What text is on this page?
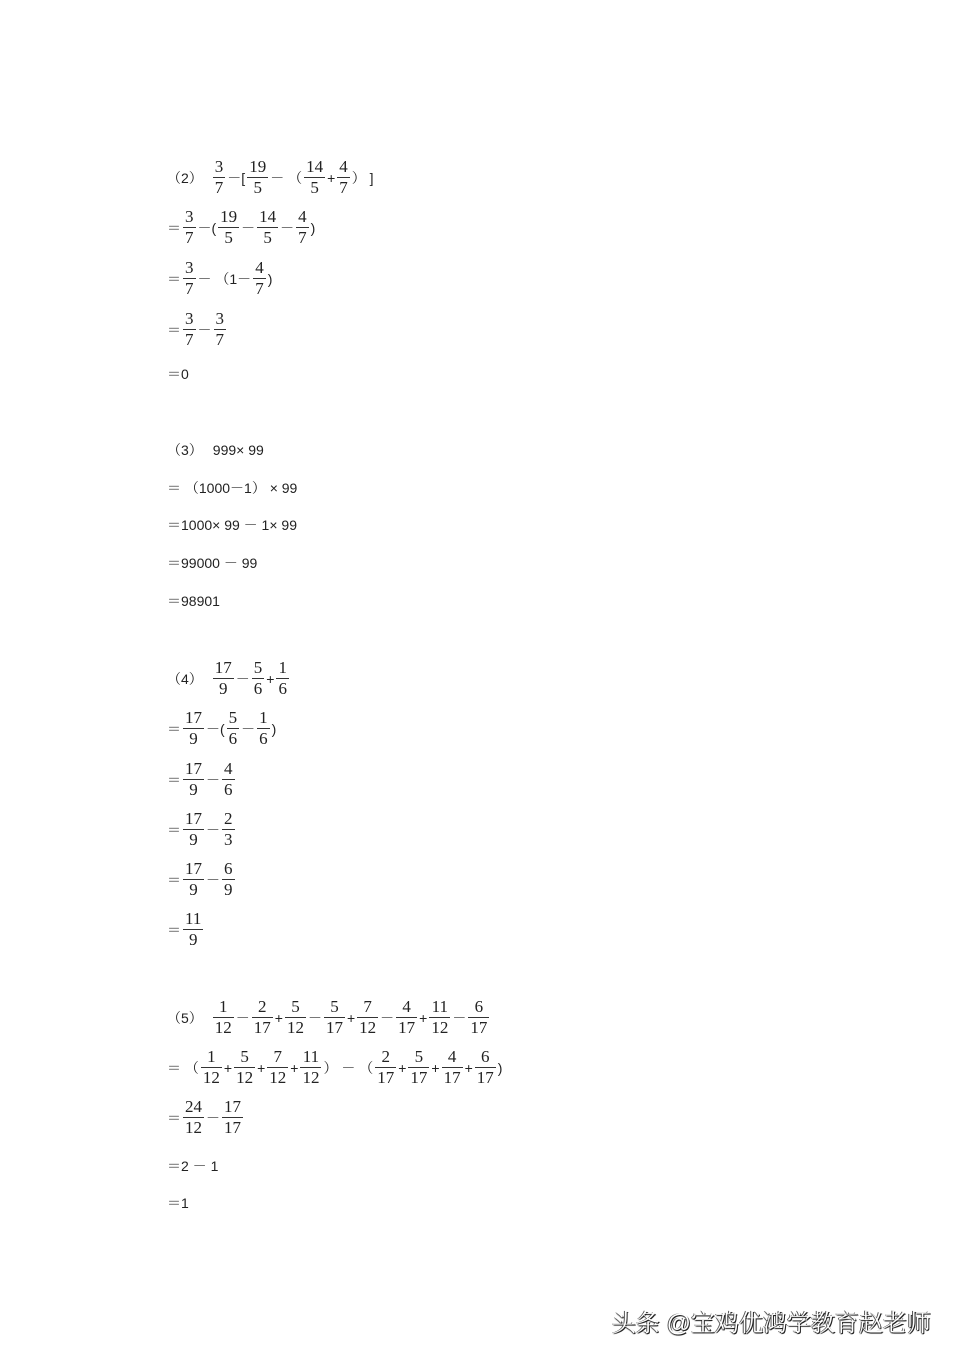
$(2) \frac{3}{7}$ －[ $\frac{19}{5}$ － （ $\frac{14}{5} + \frac{4}{7}$ ） ]
＝ $\frac{3}{7}$ －( $\frac{19}{5} - \frac{14}{5} - \frac{4}{7}$ )
＝ $\frac{3}{7} - (1- \frac{4}{7}$ )
＝ $\frac{3}{7} - \frac{3}{7}$
＝0
（3） 999× 99
＝ （1000－1） × 99
＝1000× 99 － 1× 99
＝99000 － 99
＝98901
$(4) \frac{17}{9} - \frac{5}{6} + \frac{1}{6}$
＝ $\frac{17}{9}$ －( $\frac{5}{6} - \frac{1}{6}$ )
＝ $\frac{17}{9} - \frac{4}{6}$
＝ $\frac{17}{9} - \frac{2}{3}$
＝ $\frac{17}{9} - \frac{6}{9}$
＝ $\frac{11}{9}$
$(5) \frac{1}{12} - \frac{2}{17} + \frac{5}{12} - \frac{5}{17} + \frac{7}{12} - \frac{4}{17} + \frac{11}{12} - \frac{6}{17}$
＝ （ $\frac{1}{12} + \frac{5}{12} + \frac{7}{12} + \frac{11}{12}$ ） － （ $\frac{2}{17} + \frac{5}{17} + \frac{4}{17} + \frac{6}{17}$ )
＝ $\frac{24}{12} - \frac{17}{17}$
＝2 － 1
＝1
头条 @宝鸡优鸿学教育赵老师
